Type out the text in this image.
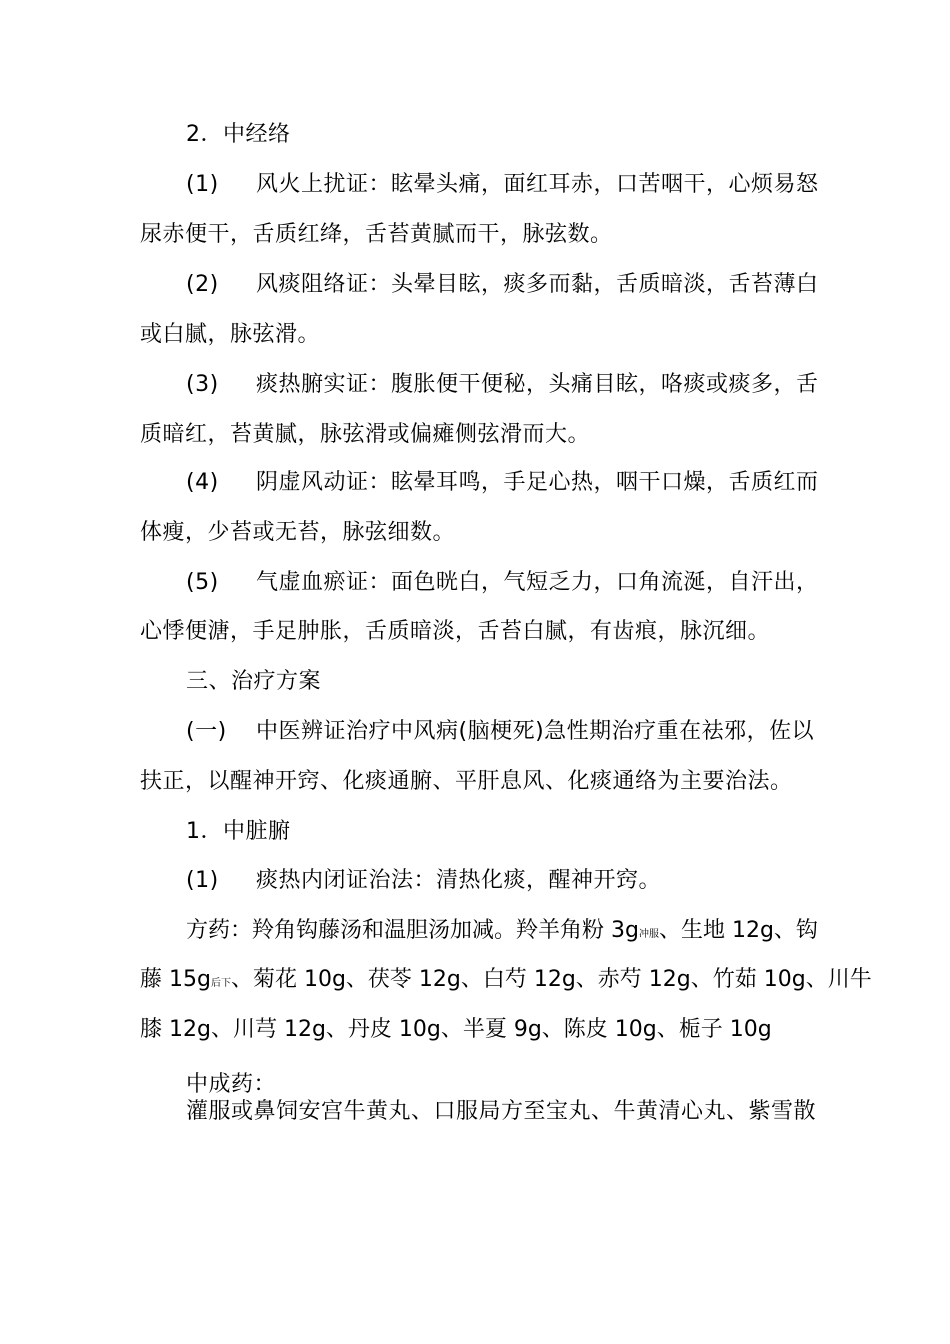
2．中经络
(1) 风火上扰证：眩晕头痛，面红耳赤，口苦咽干，心烦易怒
尿赤便干，舌质红绛，舌苔黄腻而干，脉弦数。
(2) 风痰阻络证：头晕目眩，痰多而黏，舌质暗淡，舌苔薄白
或白腻，脉弦滑。
(3) 痰热腑实证：腹胀便干便秘，头痛目眩，咯痰或痰多，舌
质暗红，苔黄腻，脉弦滑或偏瘫侧弦滑而大。
(4) 阴虚风动证：眩晕耳鸣，手足心热，咽干口燥，舌质红而
体瘦，少苔或无苔，脉弦细数。
(5) 气虚血瘀证：面色晄白，气短乏力，口角流涎，自汗出，
心悸便溏，手足肿胀，舌质暗淡，舌苔白腻，有齿痕，脉沉细。
三、治疗方案
(一) 中医辨证治疗中风病(脑梗死)急性期治疗重在祛邪，佐以
扶正，以醒神开窍、化痰通腑、平肝息风、化痰通络为主要治法。
1．中脏腑
(1) 痰热内闭证治法：清热化痰，醒神开窍。
方药：羚角钩藤汤和温胆汤加减。羚羊角粉 3g冲服、生地 12g、钩
藤 15g后下、菊花 10g、茯苓 12g、白芍 12g、赤芍 12g、竹茹 10g、川牛
膝 12g、川芎 12g、丹皮 10g、半夏 9g、陈皮 10g、栀子 10g
中成药：
灌服或鼻饲安宫牛黄丸、口服局方至宝丸、牛黄清心丸、紫雪散
